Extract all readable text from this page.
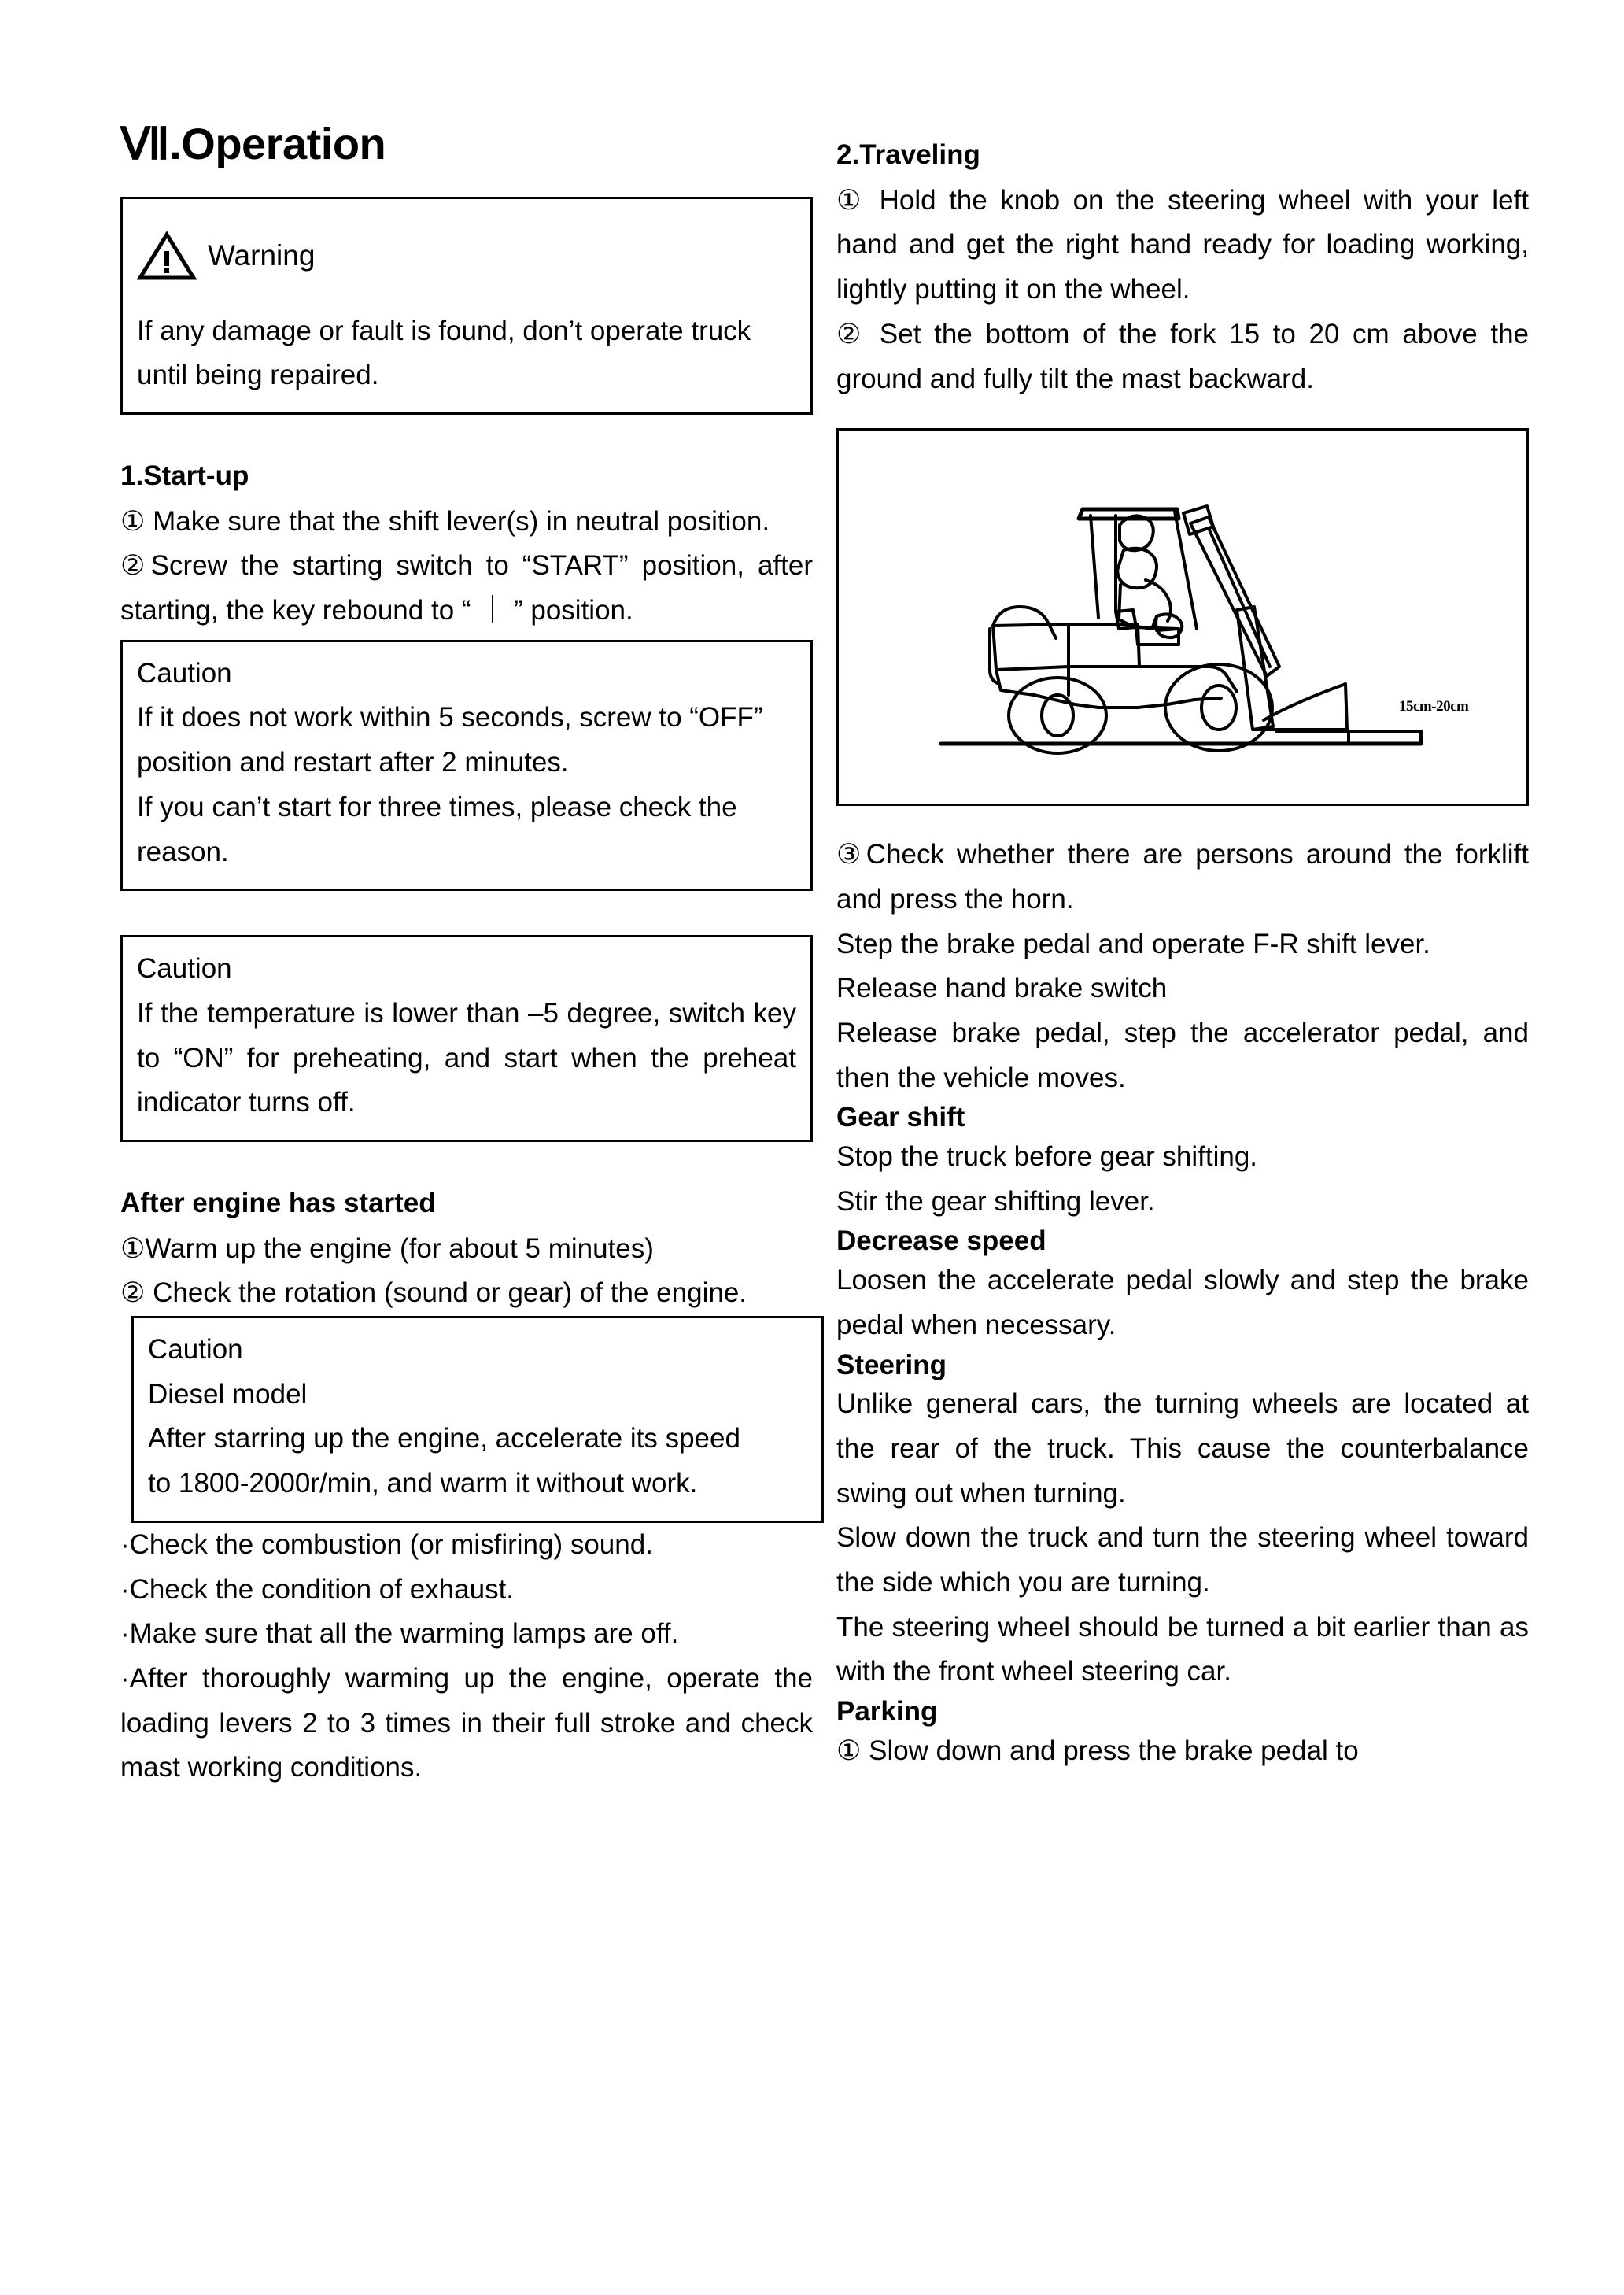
Ⅶ.Operation
Warning

If any damage or fault is found, don’t operate truck until being repaired.

1.Start-up

① Make sure that the shift lever(s) in neutral position.

②Screw the starting switch to “START” position, after starting, the key rebound to “ ｜ ” position.

Caution

If it does not work within 5 seconds, screw to “OFF” position and restart after 2 minutes.

If you can’t start for three times, please check the reason.

Caution

If the temperature is lower than –5 degree, switch key to “ON” for preheating, and start when the preheat indicator turns off.

After engine has started

①Warm up the engine (for about 5 minutes)

② Check the rotation (sound or gear) of the engine.

Caution

Diesel model

After starring up the engine, accelerate its speed

to 1800-2000r/min, and warm it without work.

·Check the combustion (or misfiring) sound.

·Check the condition of exhaust.

·Make sure that all the warming lamps are off.

·After thoroughly warming up the engine, operate the loading levers 2 to 3 times in their full stroke and check mast working conditions.

2.Traveling

① Hold the knob on the steering wheel with your left hand and get the right hand ready for loading working, lightly putting it on the wheel.

② Set the bottom of the fork 15 to 20 cm above the ground and fully tilt the mast backward.

15cm-20cm

③Check whether there are persons around the forklift and press the horn.

Step the brake pedal and operate F-R shift lever.

Release hand brake switch

Release brake pedal, step the accelerator pedal, and then the vehicle moves.

Gear shift

Stop the truck before gear shifting.

Stir the gear shifting lever.

Decrease speed

Loosen the accelerate pedal slowly and step the brake pedal when necessary.

Steering

Unlike general cars, the turning wheels are located at the rear of the truck. This cause the counterbalance swing out when turning.

Slow down the truck and turn the steering wheel toward the side which you are turning.

The steering wheel should be turned a bit earlier than as with the front wheel steering car.

Parking

① Slow down and press the brake pedal to
